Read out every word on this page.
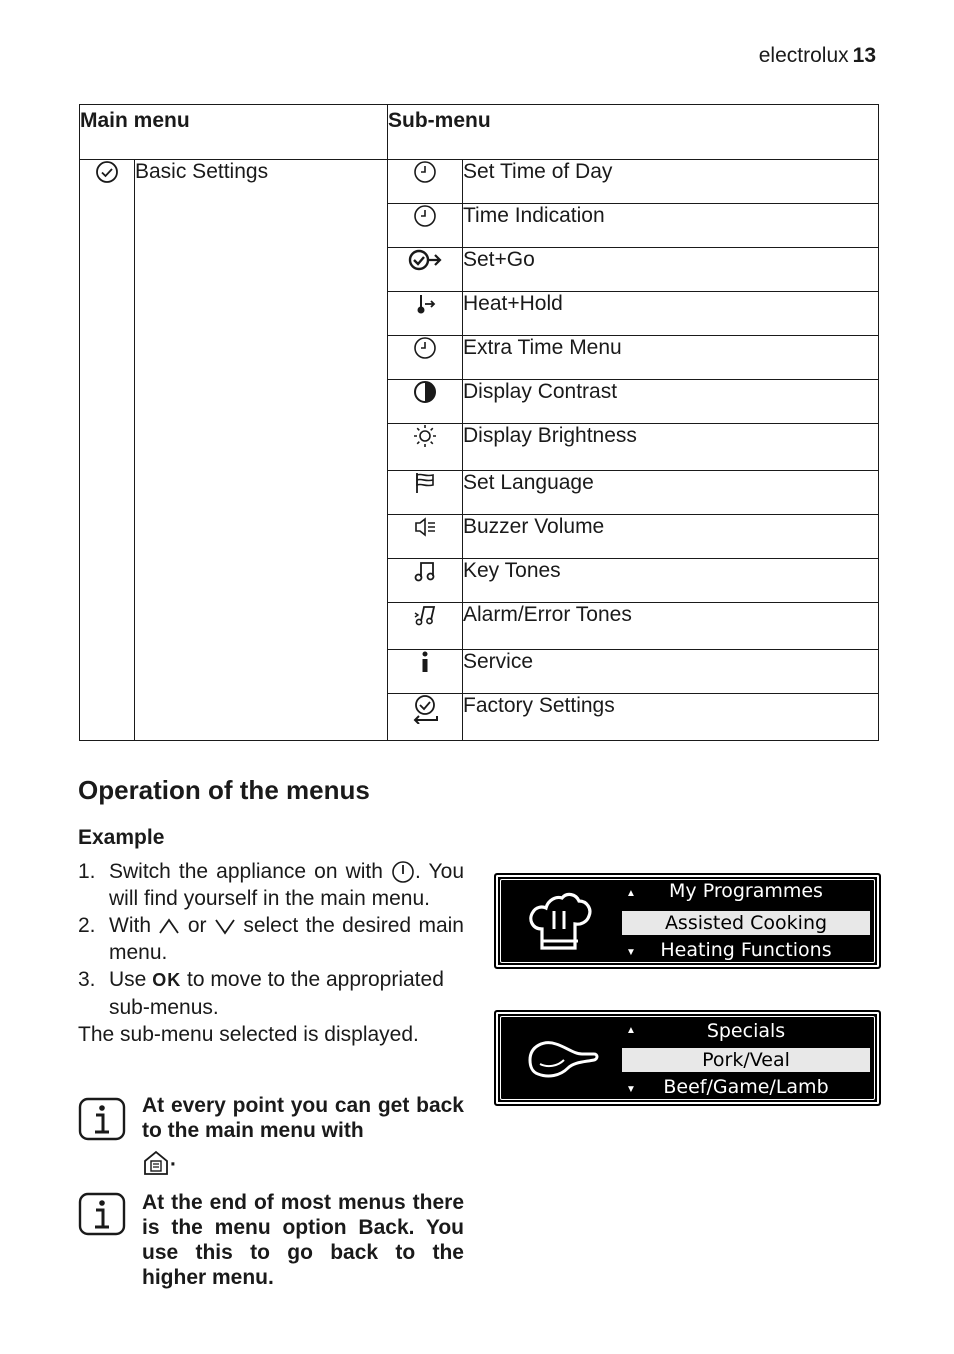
electrolux 13
Main menu		Sub-menu	
	Basic Settings		Set Time of Day
	Time Indication
	Set+Go
	Heat+Hold
	Extra Time Menu
	Display Contrast
	Display Brightness
	Set Language
	Buzzer Volume
	Key Tones
	Alarm/Error Tones
	Service
	Factory Settings
Operation of the menus
Example
1. Switch the appliance on with . You will find yourself in the main menu.
2. With or select the desired main menu.
3. Use OK to move to the appropriated sub-menus.
The sub-menu selected is displayed.
At every point you can get back to the main menu with
.
At the end of most menus there is the menu option Back. You use this to go back to the higher menu.
▲	My Programmes
Assisted Cooking
▼	Heating Functions
▲	Specials
Pork/Veal
▼	Beef/Game/Lamb
